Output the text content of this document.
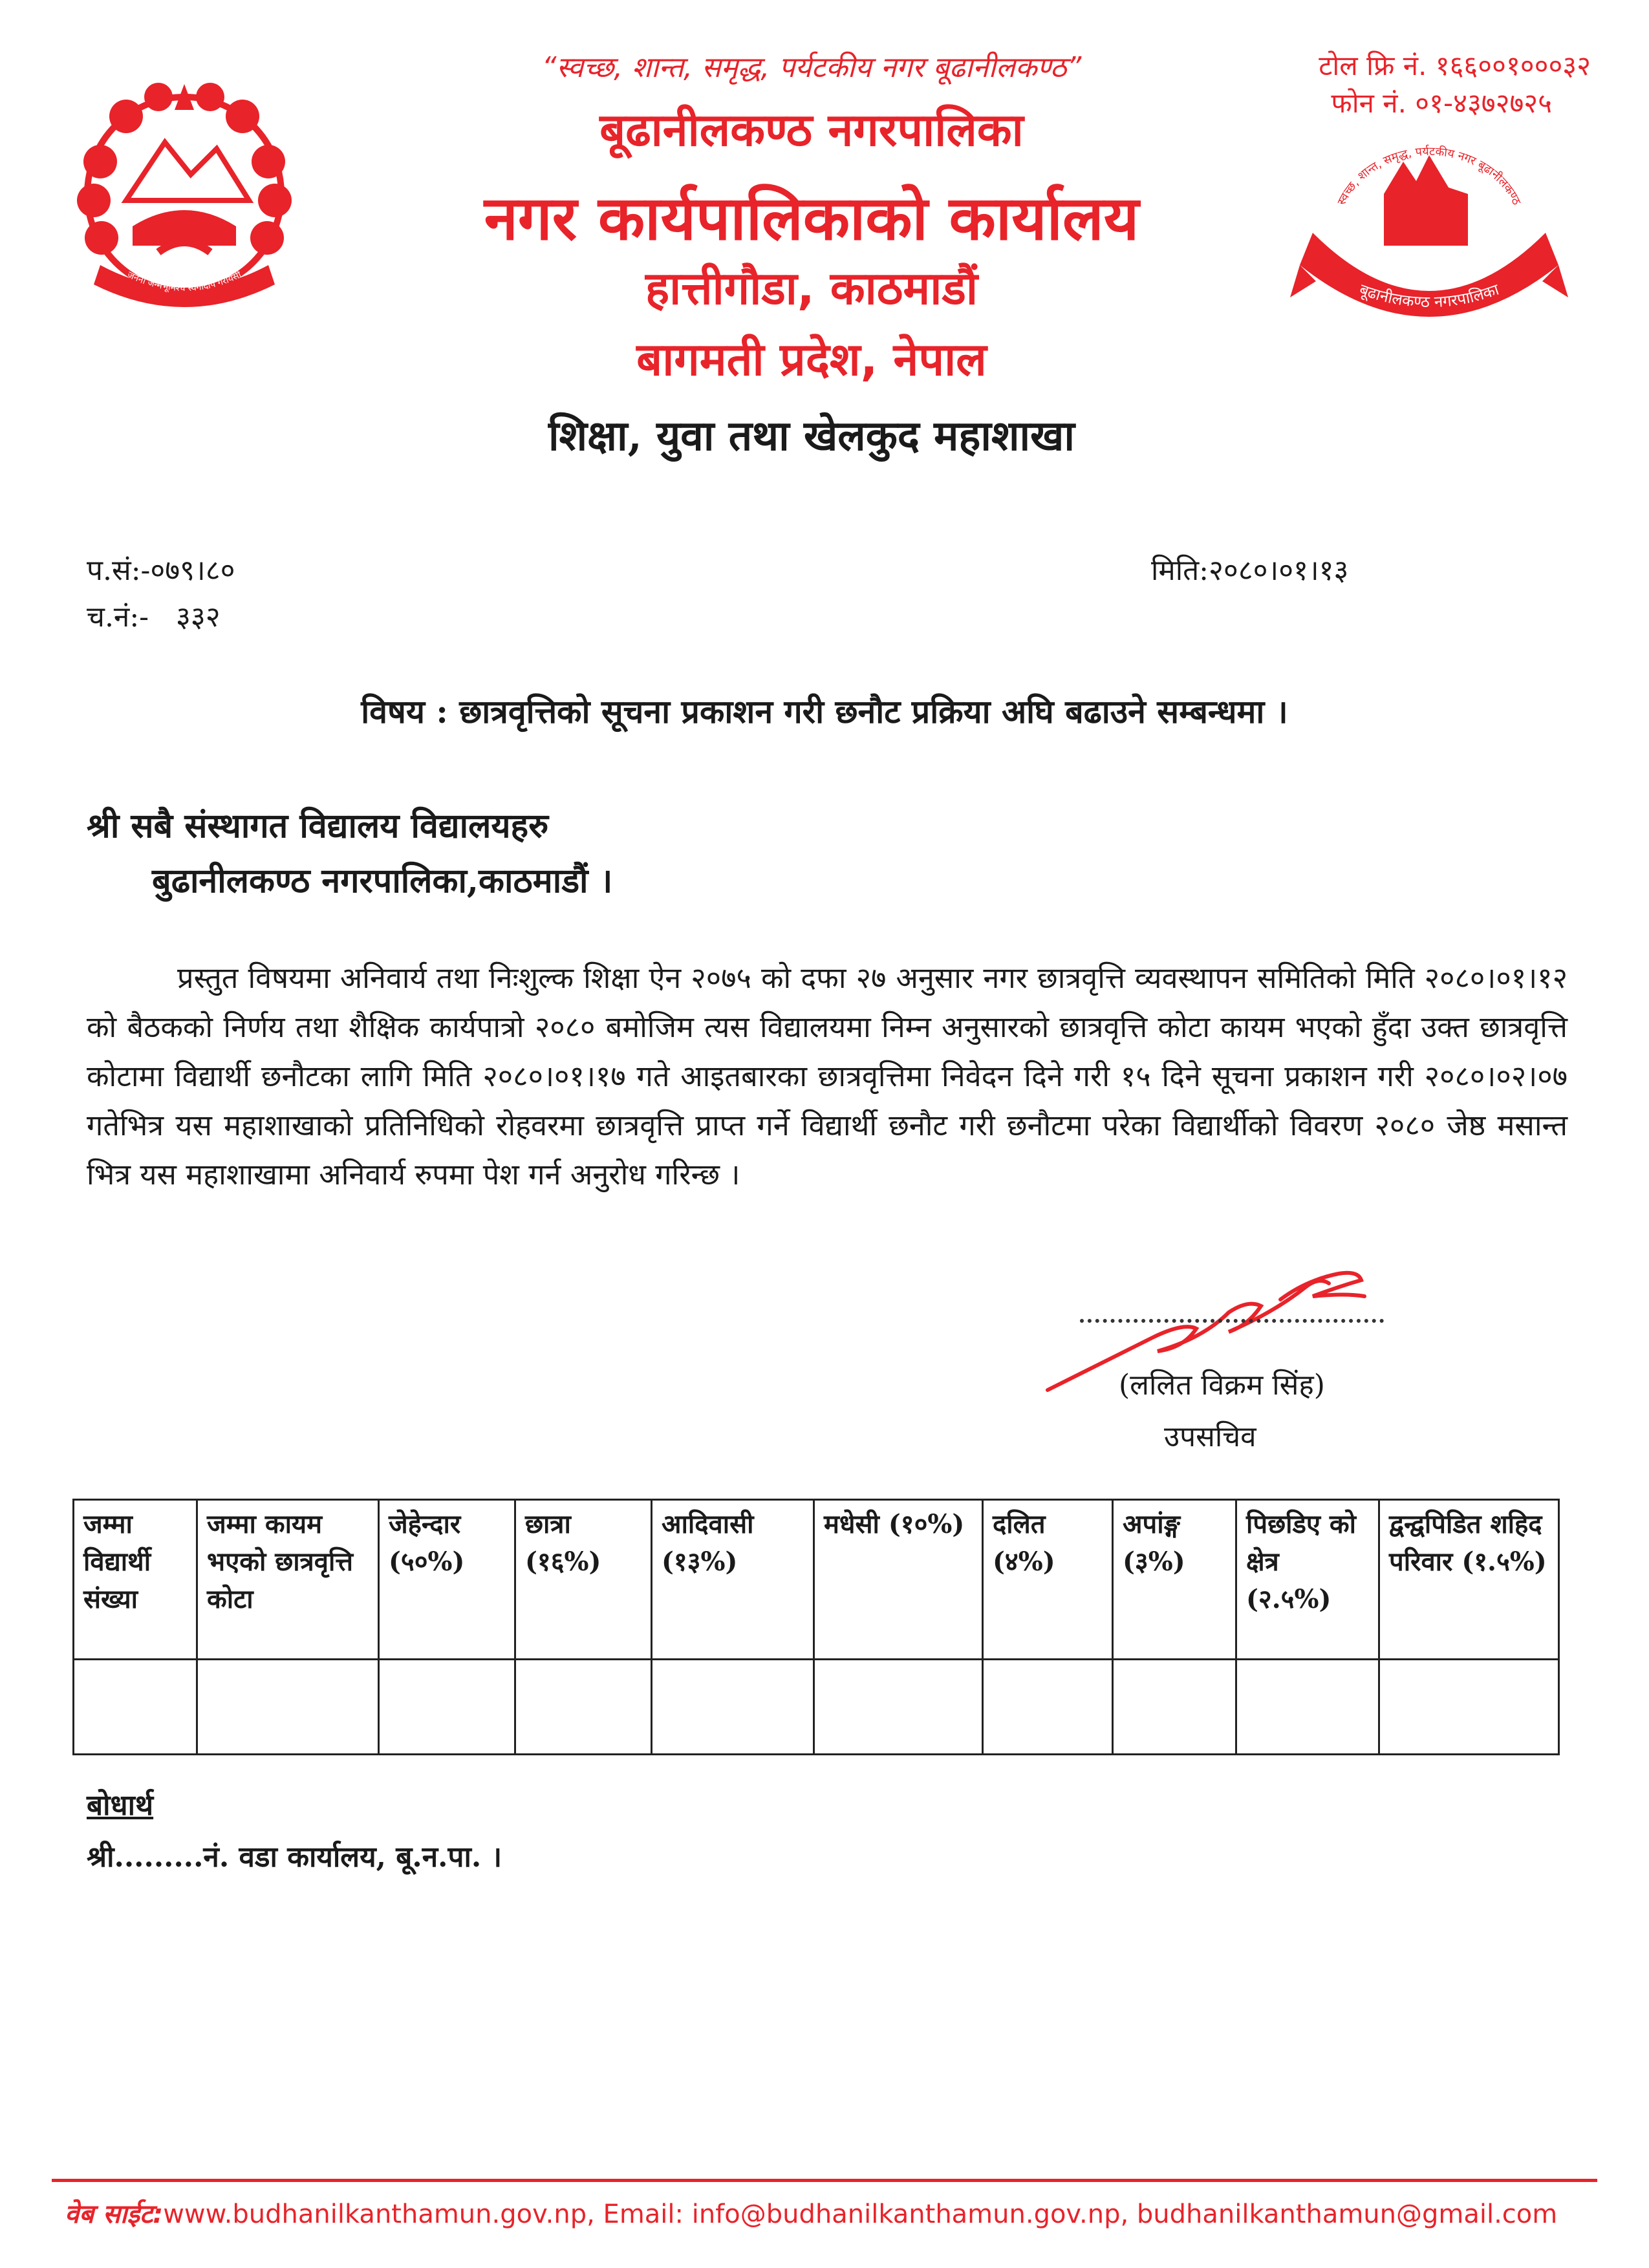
जननी जन्मभूमिश्च स्वर्गादपि गरीयसी
स्वच्छ, शान्त, समृद्ध, पर्यटकीय नगर बूढानीलकण्ठ
बूढानीलकण्ठ नगरपालिका
“स्वच्छ, शान्त, समृद्ध, पर्यटकीय नगर बूढानीलकण्ठ”
बूढानीलकण्ठ नगरपालिका
नगर कार्यपालिकाको कार्यालय
हात्तीगौडा, काठमाडौं
बागमती प्रदेश, नेपाल
शिक्षा, युवा तथा खेलकुद महाशाखा
टोल फ्रि नं. १६६००१०००३२
फोन नं. ०१-४३७२७२५
प.सं:-०७९।८०
च.नं:-   ३३२
मिति:२०८०।०१।१३
विषय : छात्रवृत्तिको सूचना प्रकाशन गरी छनौट प्रक्रिया अघि बढाउने सम्बन्धमा ।
श्री सबै संस्थागत विद्यालय विद्यालयहरु
बुढानीलकण्ठ नगरपालिका,काठमाडौं ।
प्रस्तुत विषयमा अनिवार्य तथा निःशुल्क शिक्षा ऐन २०७५ को दफा २७ अनुसार नगर छात्रवृत्ति व्यवस्थापन समितिको मिति २०८०।०१।१२ को बैठकको निर्णय तथा शैक्षिक कार्यपात्रो २०८० बमोजिम त्यस विद्यालयमा निम्न अनुसारको छात्रवृत्ति कोटा कायम भएको हुँदा उक्त छात्रवृत्ति कोटामा विद्यार्थी छनौटका लागि मिति २०८०।०१।१७ गते आइतबारका छात्रवृत्तिमा निवेदन दिने गरी १५ दिने सूचना प्रकाशन गरी २०८०।०२।०७ गतेभित्र यस महाशाखाको प्रतिनिधिको रोहवरमा छात्रवृत्ति प्राप्त गर्ने विद्यार्थी छनौट गरी छनौटमा परेका विद्यार्थीको विवरण २०८० जेष्ठ मसान्त भित्र यस महाशाखामा अनिवार्य रुपमा पेश गर्न अनुरोध गरिन्छ ।
(ललित विक्रम सिंह)
उपसचिव
जम्मा विद्यार्थी संख्या	जम्मा कायम भएको छात्रवृत्ति कोटा	जेहेन्दार (५०%)	छात्रा (१६%)	आदिवासी (१३%)	मधेसी (१०%)	दलित (४%)	अपांङ्ग (३%)	पिछडिए को क्षेत्र (२.५%)	द्वन्द्वपिडित शहिद परिवार (१.५%)

बोधार्थ
श्री.........नं. वडा कार्यालय, बू.न.पा. ।
वेब साईट:www.budhanilkanthamun.gov.np, Email: info@budhanilkanthamun.gov.np, budhanilkanthamun@gmail.com
